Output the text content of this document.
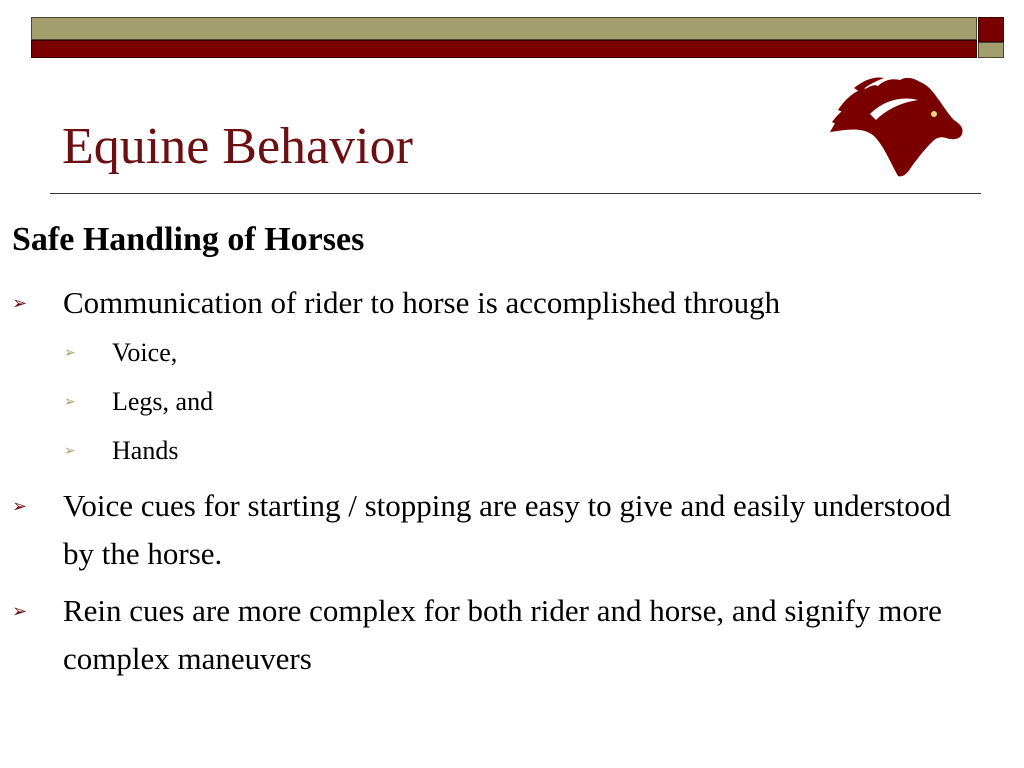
Equine Behavior
Safe Handling of Horses
➢ Communication of rider to horse is accomplished through
➢ Voice,
➢ Legs, and
➢ Hands
➢ Voice cues for starting / stopping are easy to give and easily understood by the horse.
➢ Rein cues are more complex for both rider and horse, and signify more complex maneuvers
